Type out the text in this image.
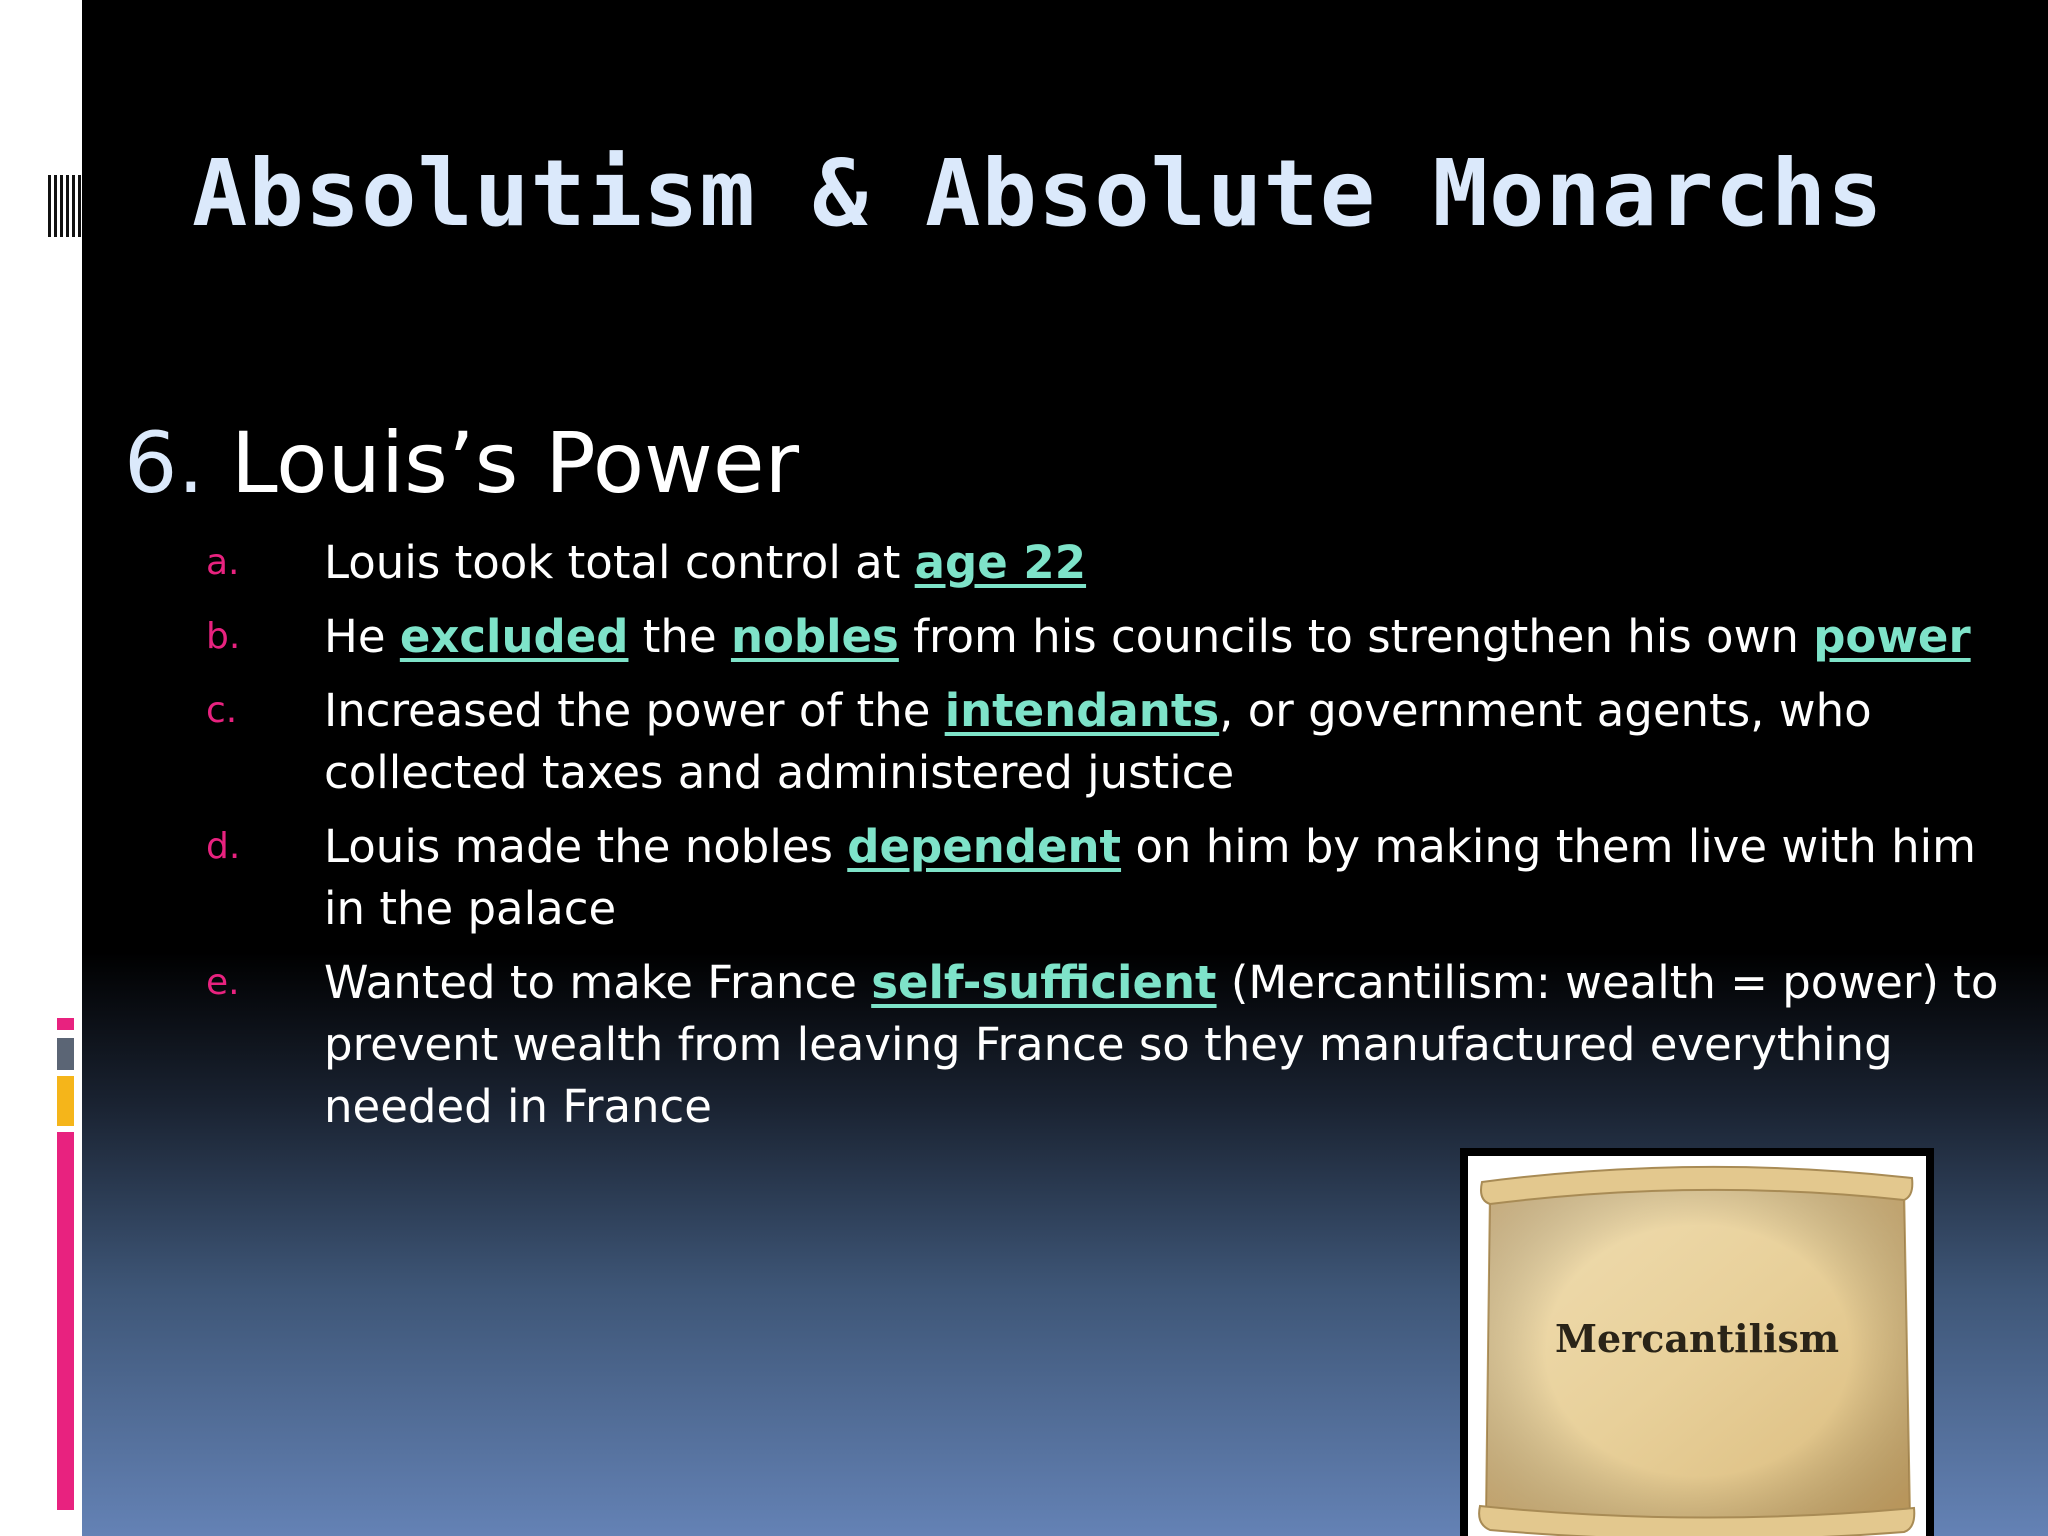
Absolutism & Absolute Monarchs
6. Louis’s Power
a. Louis took total control at age 22
b. He excluded the nobles from his councils to strengthen his own power
c. Increased the power of the intendants, or government agents, who collected taxes and administered justice
d. Louis made the nobles dependent on him by making them live with him in the palace
e. Wanted to make France self-sufficient (Mercantilism: wealth = power) to prevent wealth from leaving France so they manufactured everything needed in France
Mercantilism
